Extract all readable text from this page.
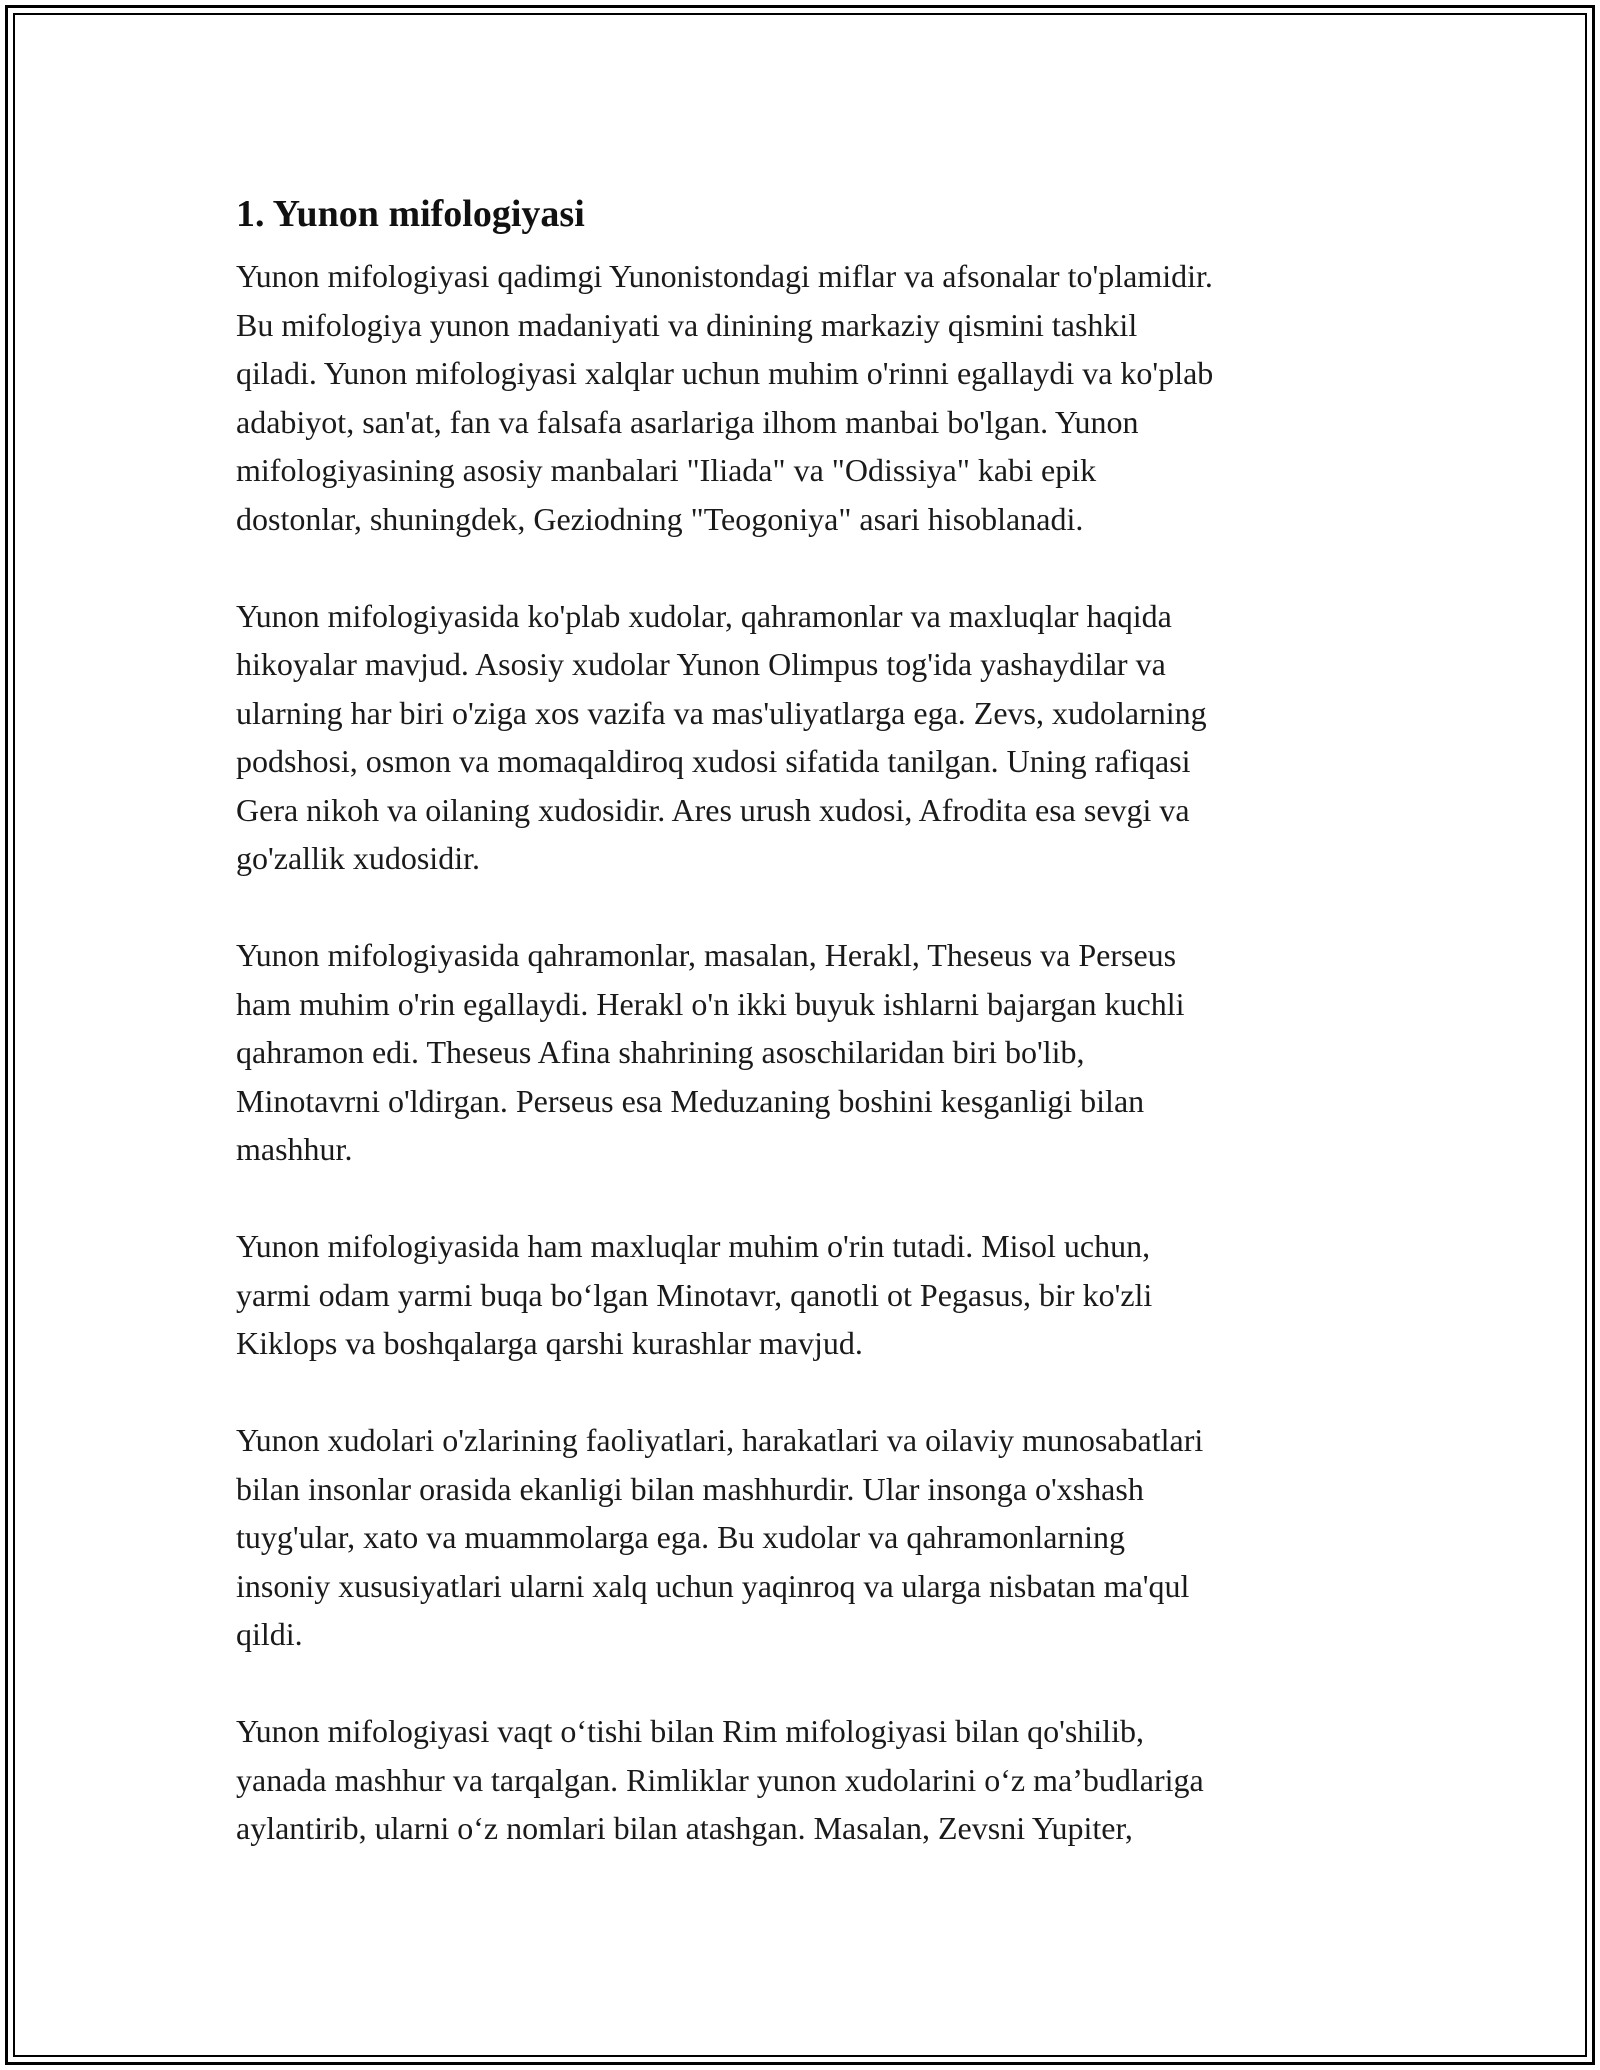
1. Yunon mifologiyasi
Yunon mifologiyasi qadimgi Yunonistondagi miflar va afsonalar to'plamidir.
Bu mifologiya yunon madaniyati va dinining markaziy qismini tashkil
qiladi. Yunon mifologiyasi xalqlar uchun muhim o'rinni egallaydi va ko'plab
adabiyot, san'at, fan va falsafa asarlariga ilhom manbai bo'lgan. Yunon
mifologiyasining asosiy manbalari "Iliada" va "Odissiya" kabi epik
dostonlar, shuningdek, Geziodning "Teogoniya" asari hisoblanadi.
Yunon mifologiyasida ko'plab xudolar, qahramonlar va maxluqlar haqida
hikoyalar mavjud. Asosiy xudolar Yunon Olimpus tog'ida yashaydilar va
ularning har biri o'ziga xos vazifa va mas'uliyatlarga ega. Zevs, xudolarning
podshosi, osmon va momaqaldiroq xudosi sifatida tanilgan. Uning rafiqasi
Gera nikoh va oilaning xudosidir. Ares urush xudosi, Afrodita esa sevgi va
go'zallik xudosidir.
Yunon mifologiyasida qahramonlar, masalan, Herakl, Theseus va Perseus
ham muhim o'rin egallaydi. Herakl o'n ikki buyuk ishlarni bajargan kuchli
qahramon edi. Theseus Afina shahrining asoschilaridan biri bo'lib,
Minotavrni o'ldirgan. Perseus esa Meduzaning boshini kesganligi bilan
mashhur.
Yunon mifologiyasida ham maxluqlar muhim o'rin tutadi. Misol uchun,
yarmi odam yarmi buqa bo‘lgan Minotavr, qanotli ot Pegasus, bir ko'zli
Kiklops va boshqalarga qarshi kurashlar mavjud.
Yunon xudolari o'zlarining faoliyatlari, harakatlari va oilaviy munosabatlari
bilan insonlar orasida ekanligi bilan mashhurdir. Ular insonga o'xshash
tuyg'ular, xato va muammolarga ega. Bu xudolar va qahramonlarning
insoniy xususiyatlari ularni xalq uchun yaqinroq va ularga nisbatan ma'qul
qildi.
Yunon mifologiyasi vaqt o‘tishi bilan Rim mifologiyasi bilan qo'shilib,
yanada mashhur va tarqalgan. Rimliklar yunon xudolarini o‘z ma’budlariga
aylantirib, ularni o‘z nomlari bilan atashgan. Masalan, Zevsni Yupiter,
